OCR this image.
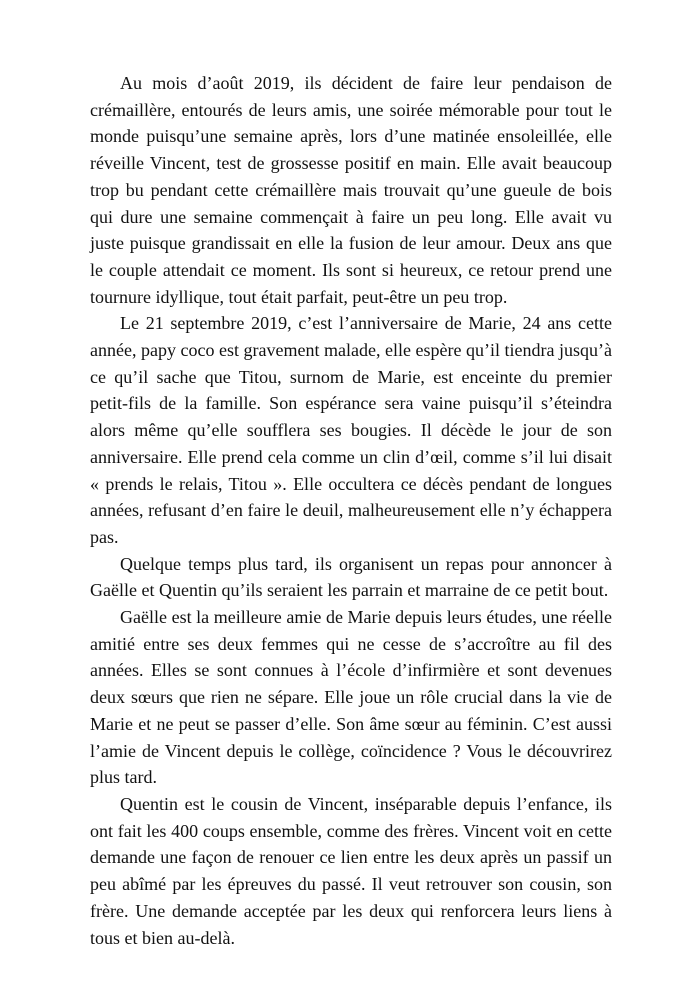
Au mois d’août 2019, ils décident de faire leur pendaison de crémaillère, entourés de leurs amis, une soirée mémorable pour tout le monde puisqu’une semaine après, lors d’une matinée ensoleillée, elle réveille Vincent, test de grossesse positif en main. Elle avait beaucoup trop bu pendant cette crémaillère mais trouvait qu’une gueule de bois qui dure une semaine commençait à faire un peu long. Elle avait vu juste puisque grandissait en elle la fusion de leur amour. Deux ans que le couple attendait ce moment. Ils sont si heureux, ce retour prend une tournure idyllique, tout était parfait, peut-être un peu trop.

Le 21 septembre 2019, c’est l’anniversaire de Marie, 24 ans cette année, papy coco est gravement malade, elle espère qu’il tiendra jusqu’à ce qu’il sache que Titou, surnom de Marie, est enceinte du premier petit-fils de la famille. Son espérance sera vaine puisqu’il s’éteindra alors même qu’elle soufflera ses bougies. Il décède le jour de son anniversaire. Elle prend cela comme un clin d’œil, comme s’il lui disait « prends le relais, Titou ». Elle occultera ce décès pendant de longues années, refusant d’en faire le deuil, malheureusement elle n’y échappera pas.

Quelque temps plus tard, ils organisent un repas pour annoncer à Gaëlle et Quentin qu’ils seraient les parrain et marraine de ce petit bout.

Gaëlle est la meilleure amie de Marie depuis leurs études, une réelle amitié entre ses deux femmes qui ne cesse de s’accroître au fil des années. Elles se sont connues à l’école d’infirmière et sont devenues deux sœurs que rien ne sépare. Elle joue un rôle crucial dans la vie de Marie et ne peut se passer d’elle. Son âme sœur au féminin. C’est aussi l’amie de Vincent depuis le collège, coïncidence ? Vous le découvrirez plus tard.

Quentin est le cousin de Vincent, inséparable depuis l’enfance, ils ont fait les 400 coups ensemble, comme des frères. Vincent voit en cette demande une façon de renouer ce lien entre les deux après un passif un peu abîmé par les épreuves du passé. Il veut retrouver son cousin, son frère. Une demande acceptée par les deux qui renforcera leurs liens à tous et bien au-delà.
